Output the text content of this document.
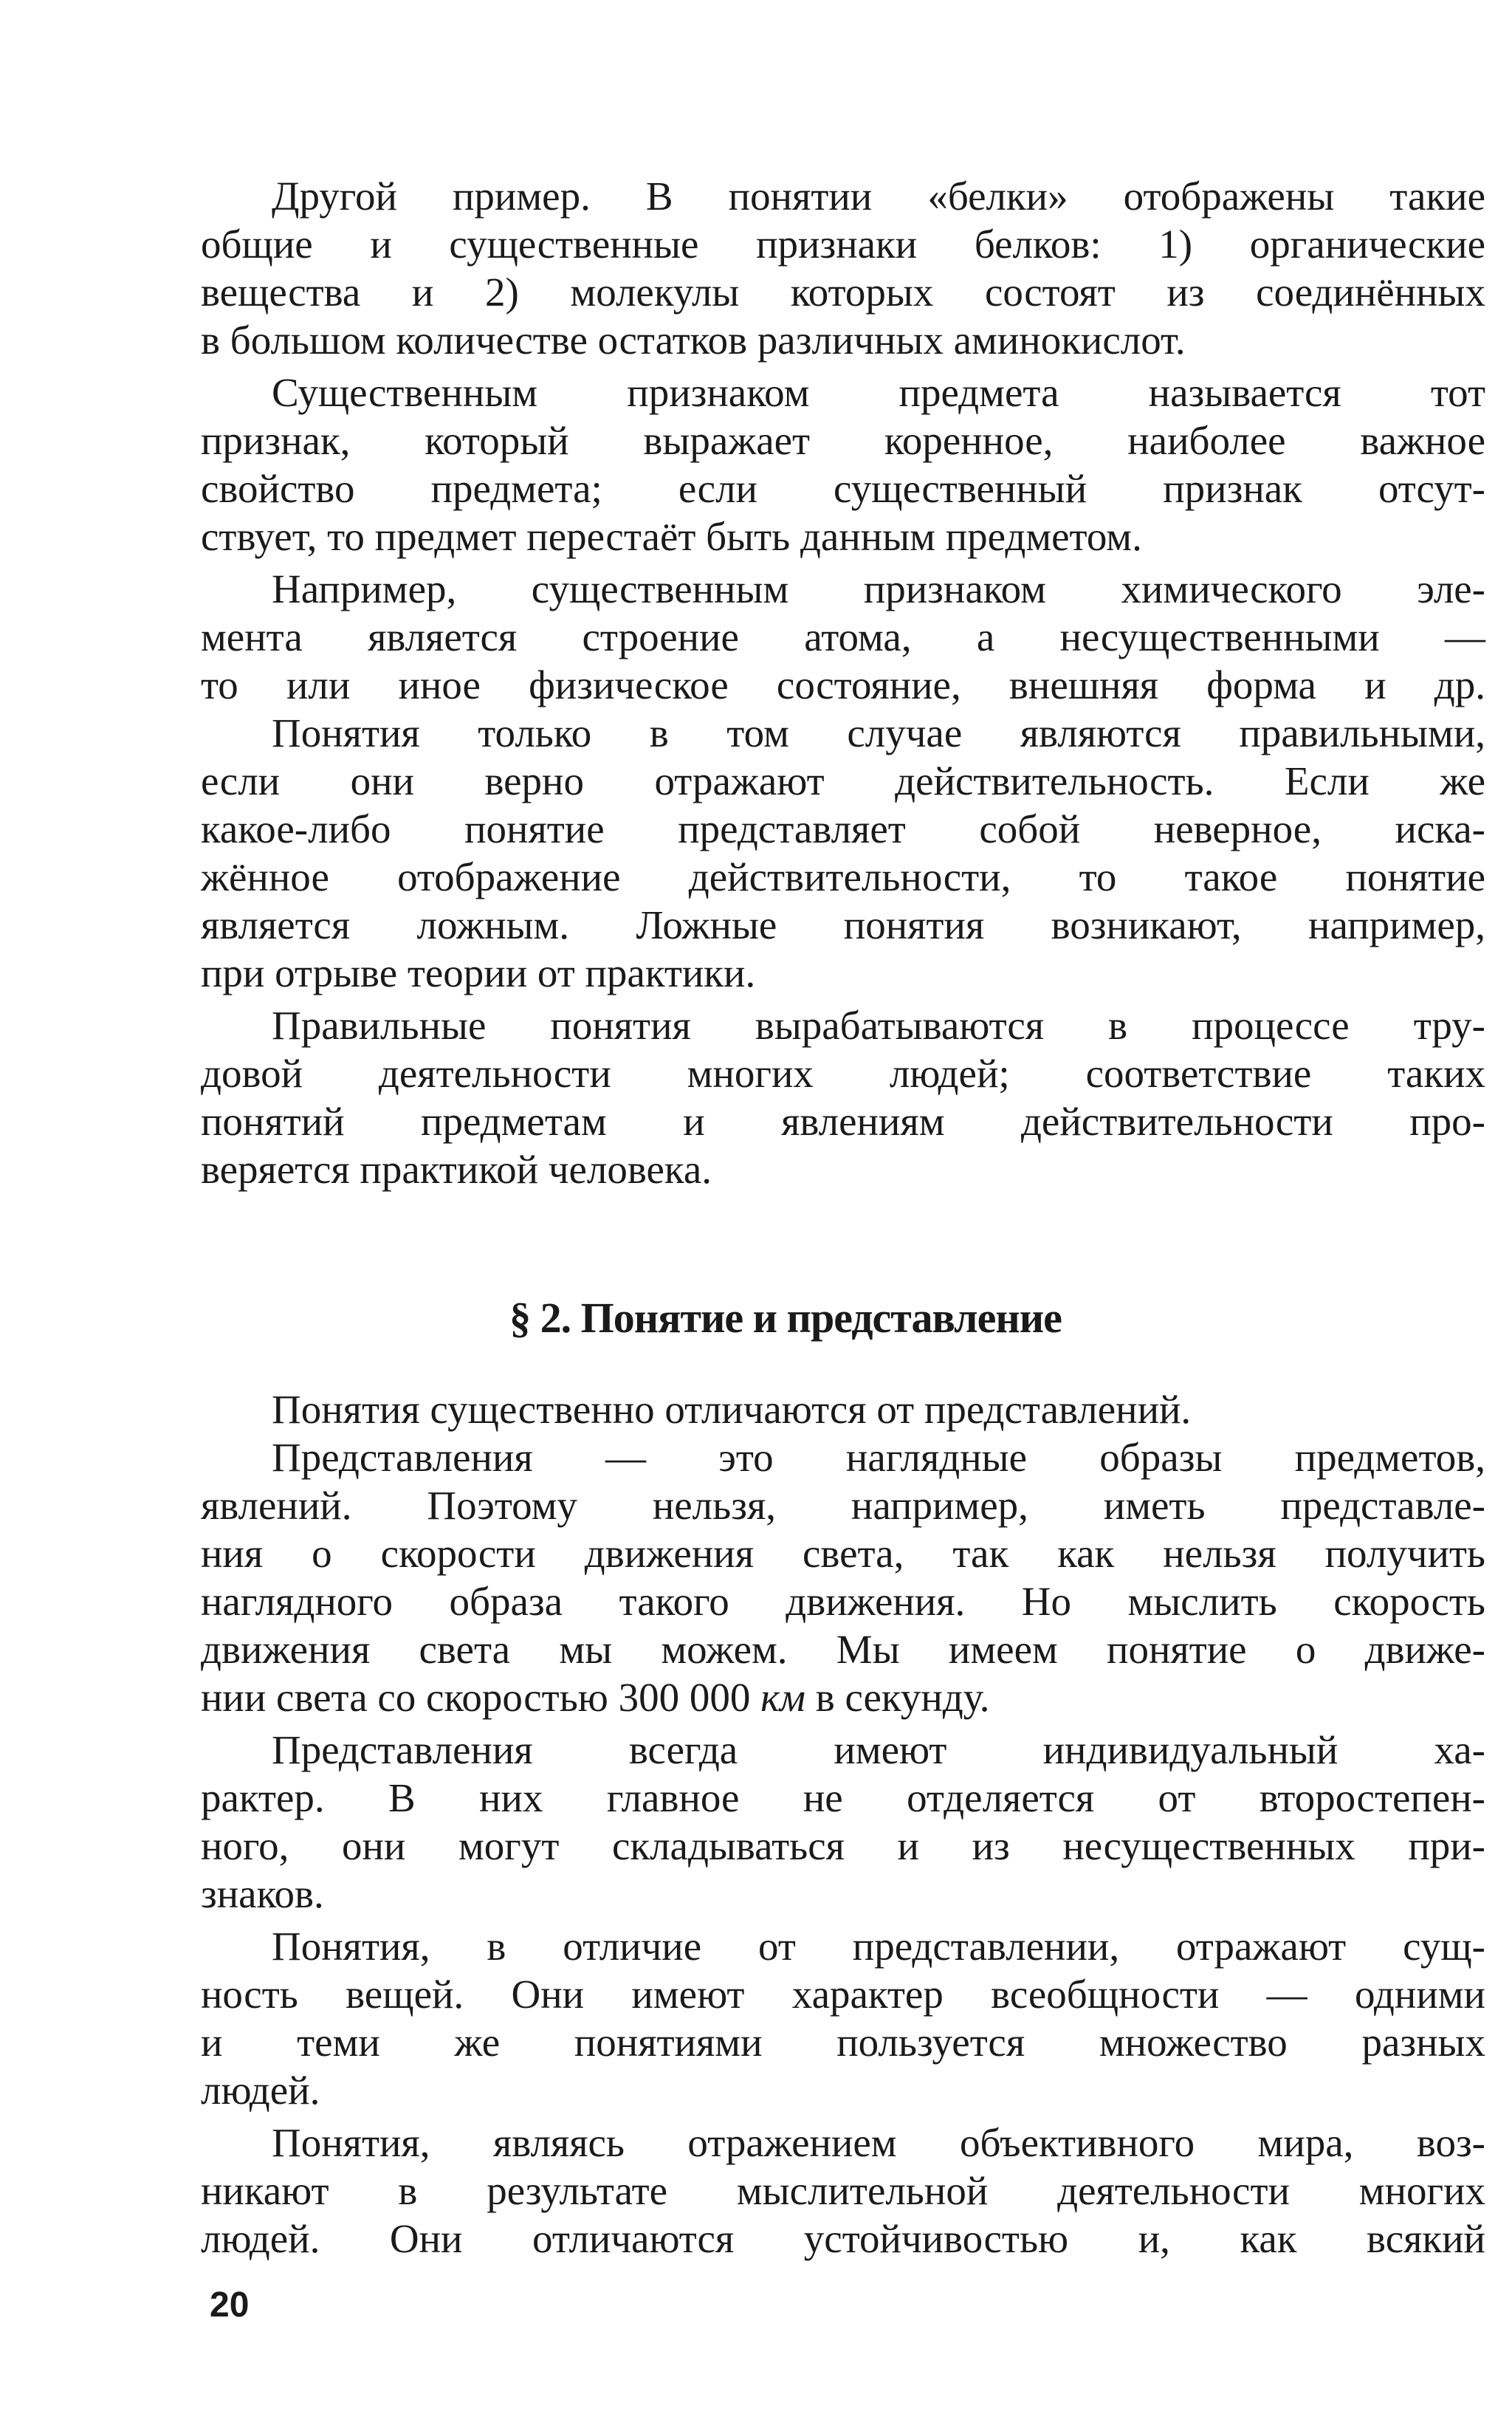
Другой пример. В понятии «белки» отображены такие
общие и существенные признаки белков: 1) органические
вещества и 2) молекулы которых состоят из соединённых
в большом количестве остатков различных аминокислот.
Существенным признаком предмета называется тот
признак, который выражает коренное, наиболее важное
свойство предмета; если существенный признак отсут-
ствует, то предмет перестаёт быть данным предметом.
Например, существенным признаком химического эле-
мента является строение атома, а несущественными —
то или иное физическое состояние, внешняя форма и др.
Понятия только в том случае являются правильными,
если они верно отражают действительность. Если же
какое-либо понятие представляет собой неверное, иска-
жённое отображение действительности, то такое понятие
является ложным. Ложные понятия возникают, например,
при отрыве теории от практики.
Правильные понятия вырабатываются в процессе тру-
довой деятельности многих людей; соответствие таких
понятий предметам и явлениям действительности про-
веряется практикой человека.
§ 2. Понятие и представление
Понятия существенно отличаются от представлений.
Представления — это наглядные образы предметов,
явлений. Поэтому нельзя, например, иметь представле-
ния о скорости движения света, так как нельзя получить
наглядного образа такого движения. Но мыслить скорость
движения света мы можем. Мы имеем понятие о движе-
нии света со скоростью 300 000 км в секунду.
Представления всегда имеют индивидуальный ха-
рактер. В них главное не отделяется от второстепен-
ного, они могут складываться и из несущественных при-
знаков.
Понятия, в отличие от представлении, отражают сущ-
ность вещей. Они имеют характер всеобщности — одними
и теми же понятиями пользуется множество разных
людей.
Понятия, являясь отражением объективного мира, воз-
никают в результате мыслительной деятельности многих
людей. Они отличаются устойчивостью и, как всякий
20
